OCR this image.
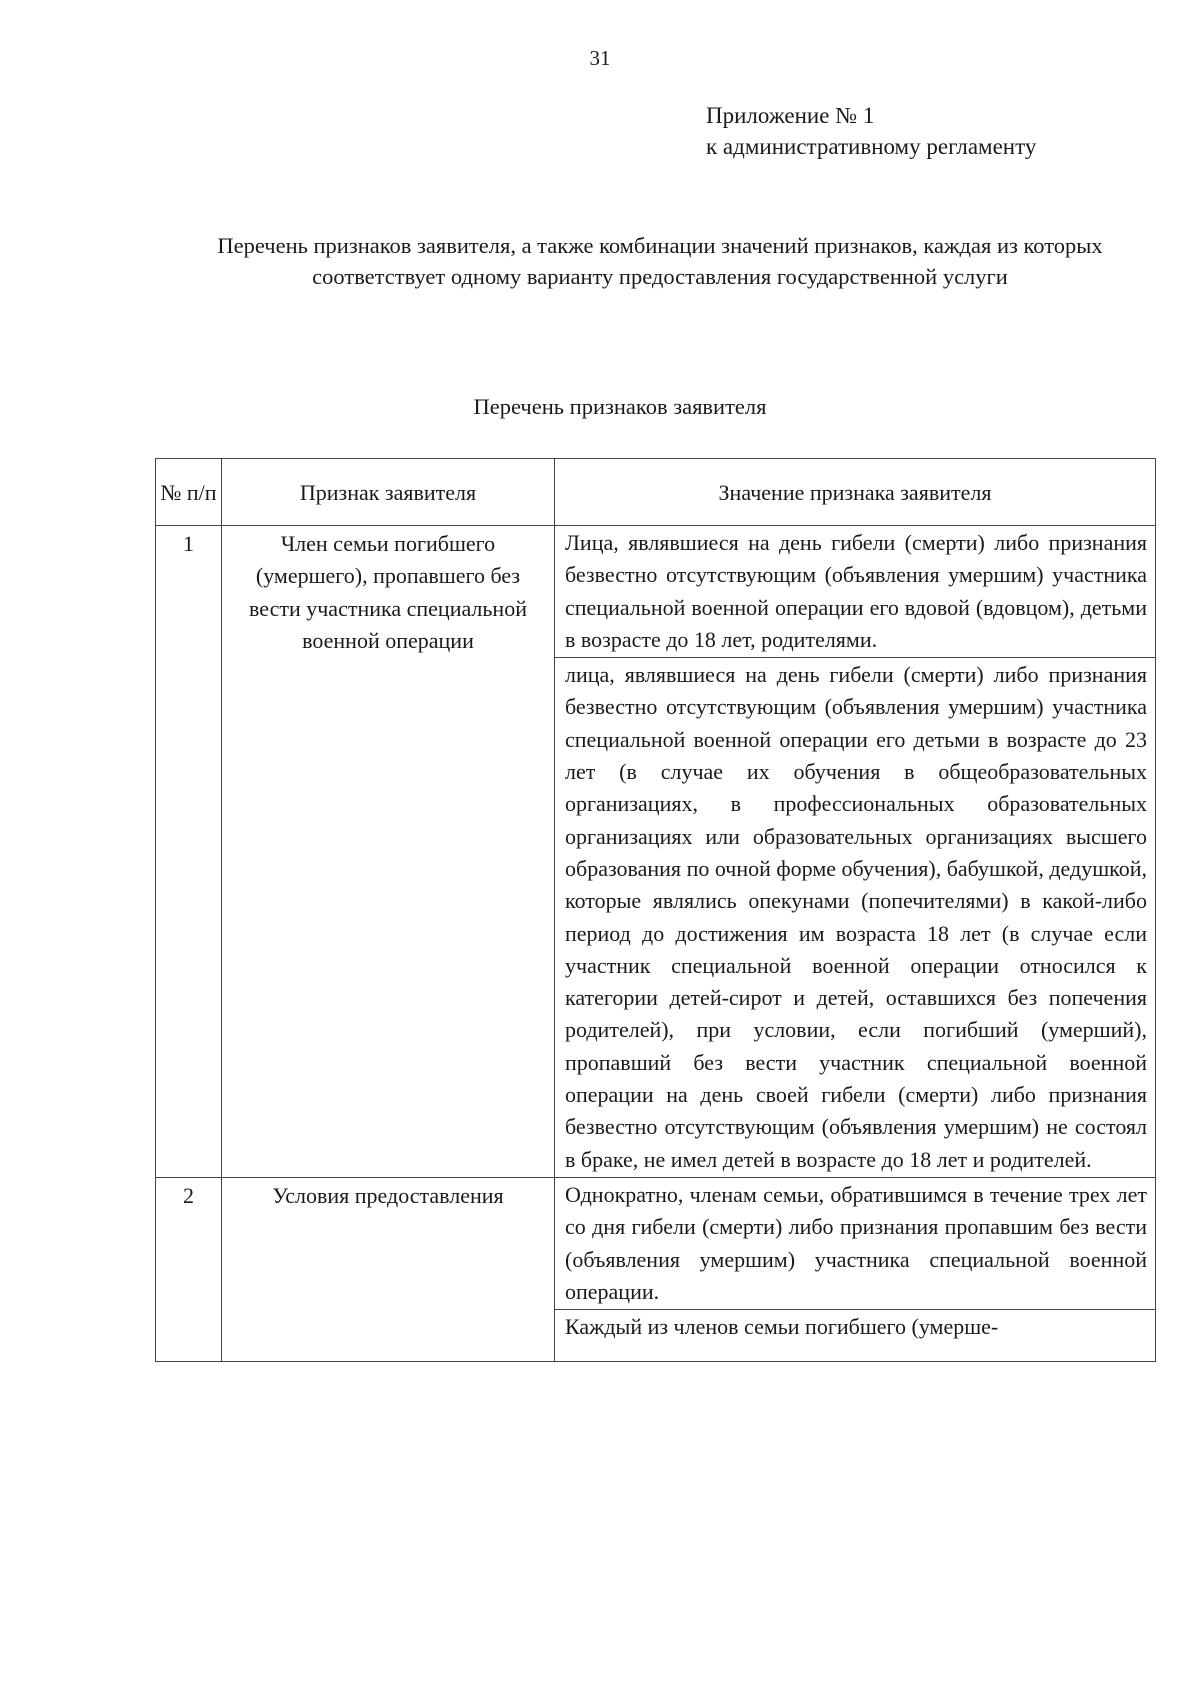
31
Приложение № 1
к административному регламенту
Перечень признаков заявителя, а также комбинации значений признаков, каждая из которых соответствует одному варианту предоставления государственной услуги
Перечень признаков заявителя
№ п/п	Признак заявителя	Значение признака заявителя
1	Член семьи погибшего (умершего), пропавшего без вести участника специальной военной операции	Лица, являвшиеся на день гибели (смерти) либо признания безвестно отсутствующим (объявления умершим) участника специальной военной операции его вдовой (вдовцом), детьми в возрасте до 18 лет, родителями.
		лица, являвшиеся на день гибели (смерти) либо признания безвестно отсутствующим (объявления умершим) участника специальной военной операции его детьми в возрасте до 23 лет (в случае их обучения в общеобразовательных организациях, в профессиональных образовательных организациях или образовательных организациях высшего образования по очной форме обучения), бабушкой, дедушкой, которые являлись опекунами (попечителями) в какой-либо период до достижения им возраста 18 лет (в случае если участник специальной военной операции относился к категории детей-сирот и детей, оставшихся без попечения родителей), при условии, если погибший (умерший), пропавший без вести участник специальной военной операции на день своей гибели (смерти) либо признания безвестно отсутствующим (объявления умершим) не состоял в браке, не имел детей в возрасте до 18 лет и родителей.
2	Условия предоставления	Однократно, членам семьи, обратившимся в течение трех лет со дня гибели (смерти) либо признания пропавшим без вести (объявления умершим) участника специальной военной операции.
		Каждый из членов семьи погибшего (умерше-
